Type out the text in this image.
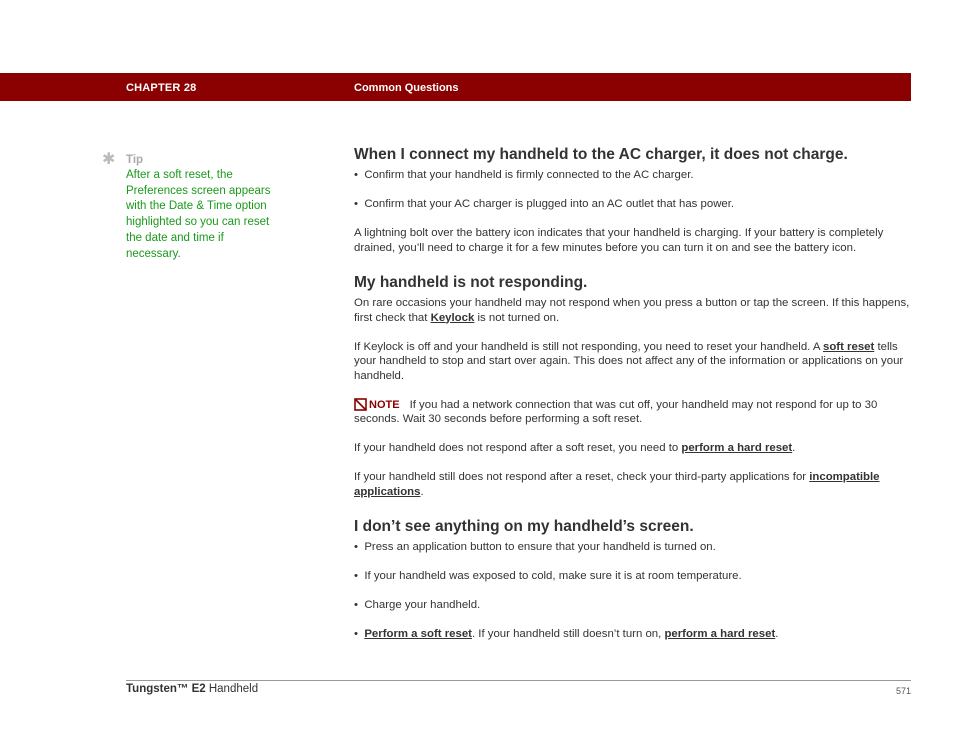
CHAPTER 28	Common Questions
✱ Tip
After a soft reset, the Preferences screen appears with the Date & Time option highlighted so you can reset the date and time if necessary.
When I connect my handheld to the AC charger, it does not charge.

•  Confirm that your handheld is firmly connected to the AC charger.

•  Confirm that your AC charger is plugged into an AC outlet that has power.

A lightning bolt over the battery icon indicates that your handheld is charging. If your battery is completely drained, you’ll need to charge it for a few minutes before you can turn it on and see the battery icon.

My handheld is not responding.

On rare occasions your handheld may not respond when you press a button or tap the screen. If this happens, first check that Keylock is not turned on.

If Keylock is off and your handheld is still not responding, you need to reset your handheld. A soft reset tells your handheld to stop and start over again. This does not affect any of the information or applications on your handheld.

NOTE If you had a network connection that was cut off, your handheld may not respond for up to 30 seconds. Wait 30 seconds before performing a soft reset.

If your handheld does not respond after a soft reset, you need to perform a hard reset.

If your handheld still does not respond after a reset, check your third-party applications for incompatible applications.

I don’t see anything on my handheld’s screen.

•  Press an application button to ensure that your handheld is turned on.

•  If your handheld was exposed to cold, make sure it is at room temperature.

•  Charge your handheld.

•  Perform a soft reset. If your handheld still doesn’t turn on, perform a hard reset.

Tungsten™ E2 Handheld	571
